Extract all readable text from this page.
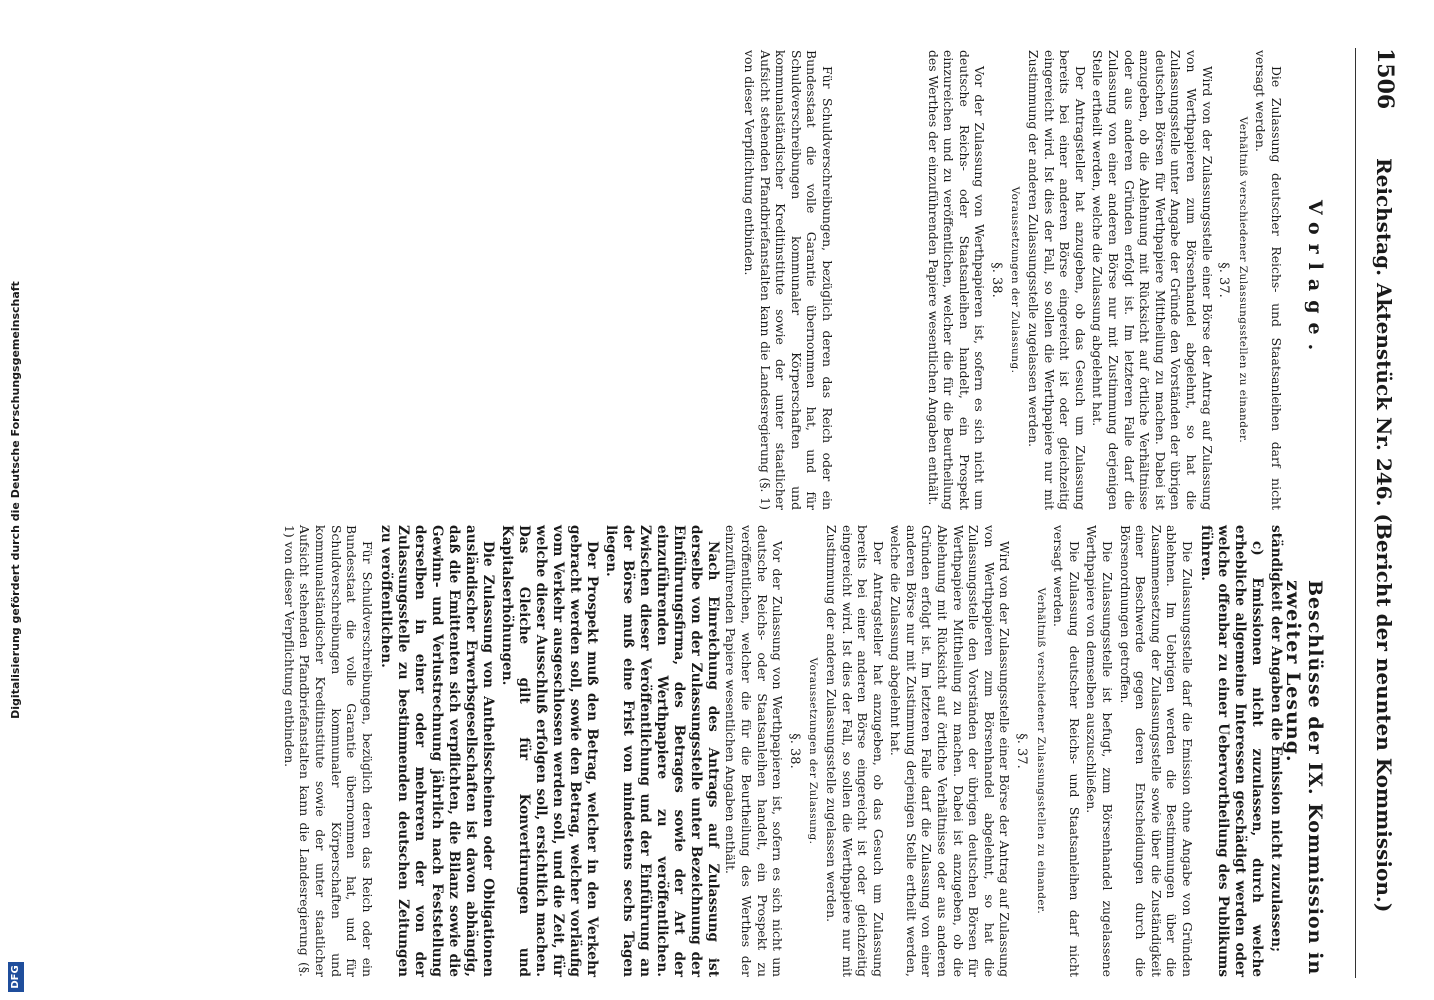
1506
Reichstag. Aktenstück Nr. 246. (Bericht der neunten Kommission.)
Vorlage.
Beschlüsse der IX. Kommission in zweiter Lesung.

Die Zulassung deutscher Reichs- und Staatsanleihen darf nicht versagt werden.

Verhältniß verschiedener Zulassungsstellen zu einander.

§. 37.

Wird von der Zulassungsstelle einer Börse der Antrag auf Zulassung von Werthpapieren zum Börsenhandel abgelehnt, so hat die Zulassungsstelle unter Angabe der Gründe den Vorständen der übrigen deutschen Börsen für Werthpapiere Mittheilung zu machen. Dabei ist anzugeben, ob die Ablehnung mit Rücksicht auf örtliche Verhältnisse oder aus anderen Gründen erfolgt ist. Im letzteren Falle darf die Zulassung von einer anderen Börse nur mit Zustimmung derjenigen Stelle ertheilt werden, welche die Zulassung abgelehnt hat.

Der Antragsteller hat anzugeben, ob das Gesuch um Zulassung bereits bei einer anderen Börse eingereicht ist oder gleichzeitig eingereicht wird. Ist dies der Fall, so sollen die Werthpapiere nur mit Zustimmung der anderen Zulassungsstelle zugelassen werden.

Voraussetzungen der Zulassung.

§. 38.

Vor der Zulassung von Werthpapieren ist, sofern es sich nicht um deutsche Reichs- oder Staatsanleihen handelt, ein Prospekt einzureichen und zu veröffentlichen, welcher die für die Beurtheilung des Werthes der einzuführenden Papiere wesentlichen Angaben enthält.

Für Schuldverschreibungen, bezüglich deren das Reich oder ein Bundesstaat die volle Garantie übernommen hat, und für Schuldverschreibungen kommunaler Körperschaften und kommunalständischer Kreditinstitute sowie der unter staatlicher Aufsicht stehenden Pfandbriefanstalten kann die Landesregierung (§. 1) von dieser Verpflichtung entbinden.

ständigkeit der Angaben die Emission nicht zuzulassen;

c) Emissionen nicht zuzulassen, durch welche erhebliche allgemeine Interessen geschädigt werden oder welche offenbar zu einer Uebervortheilung des Publikums führen.

Die Zulassungsstelle darf die Emission ohne Angabe von Gründen ablehnen. Im Uebrigen werden die Bestimmungen über die Zusammensetzung der Zulassungsstelle sowie über die Zuständigkeit einer Beschwerde gegen deren Entscheidungen durch die Börsenordnungen getroffen.

Die Zulassungsstelle ist befugt, zum Börsenhandel zugelassene Werthpapiere von demselben auszuschließen.

Die Zulassung deutscher Reichs- und Staatsanleihen darf nicht versagt werden.

Verhältniß verschiedener Zulassungsstellen zu einander.

§. 37.

Wird von der Zulassungsstelle einer Börse der Antrag auf Zulassung von Werthpapieren zum Börsenhandel abgelehnt, so hat die Zulassungsstelle den Vorständen der übrigen deutschen Börsen für Werthpapiere Mittheilung zu machen. Dabei ist anzugeben, ob die Ablehnung mit Rücksicht auf örtliche Verhältnisse oder aus anderen Gründen erfolgt ist. Im letzteren Falle darf die Zulassung von einer anderen Börse nur mit Zustimmung derjenigen Stelle ertheilt werden, welche die Zulassung abgelehnt hat.

Der Antragsteller hat anzugeben, ob das Gesuch um Zulassung bereits bei einer anderen Börse eingereicht ist oder gleichzeitig eingereicht wird. Ist dies der Fall, so sollen die Werthpapiere nur mit Zustimmung der anderen Zulassungsstelle zugelassen werden.

Voraussetzungen der Zulassung.

§. 38.

Vor der Zulassung von Werthpapieren ist, sofern es sich nicht um deutsche Reichs- oder Staatsanleihen handelt, ein Prospekt zu veröffentlichen, welcher die für die Beurtheilung des Werthes der einzuführenden Papiere wesentlichen Angaben enthält.

Nach Einreichung des Antrags auf Zulassung ist derselbe von der Zulassungsstelle unter Bezeichnung der Einführungsfirma, des Betrages sowie der Art der einzuführenden Werthpapiere zu veröffentlichen. Zwischen dieser Veröffentlichung und der Einführung an der Börse muß eine Frist von mindestens sechs Tagen liegen.

Der Prospekt muß den Betrag, welcher in den Verkehr gebracht werden soll, sowie den Betrag, welcher vorläufig vom Verkehr ausgeschlossen werden soll, und die Zeit, für welche dieser Ausschluß erfolgen soll, ersichtlich machen. Das Gleiche gilt für Konvertirungen und Kapitalserhöhungen.

Die Zulassung von Antheilsscheinen oder Obligationen ausländischer Erwerbsgesellschaften ist davon abhängig, daß die Emittenten sich verpflichten, die Bilanz sowie die Gewinn- und Verlustrechnung jährlich nach Feststellung derselben in einer oder mehreren der von der Zulassungsstelle zu bestimmenden deutschen Zeitungen zu veröffentlichen.

Für Schuldverschreibungen, bezüglich deren das Reich oder ein Bundesstaat die volle Garantie übernommen hat, und für Schuldverschreibungen kommunaler Körperschaften und kommunalständischer Kreditinstitute sowie der unter staatlicher Aufsicht stehenden Pfandbriefanstalten kann die Landesregierung (§. 1) von dieser Verpflichtung entbinden.

Digitalisierung gefördert durch die Deutsche Forschungsgemeinschaft
DFG
